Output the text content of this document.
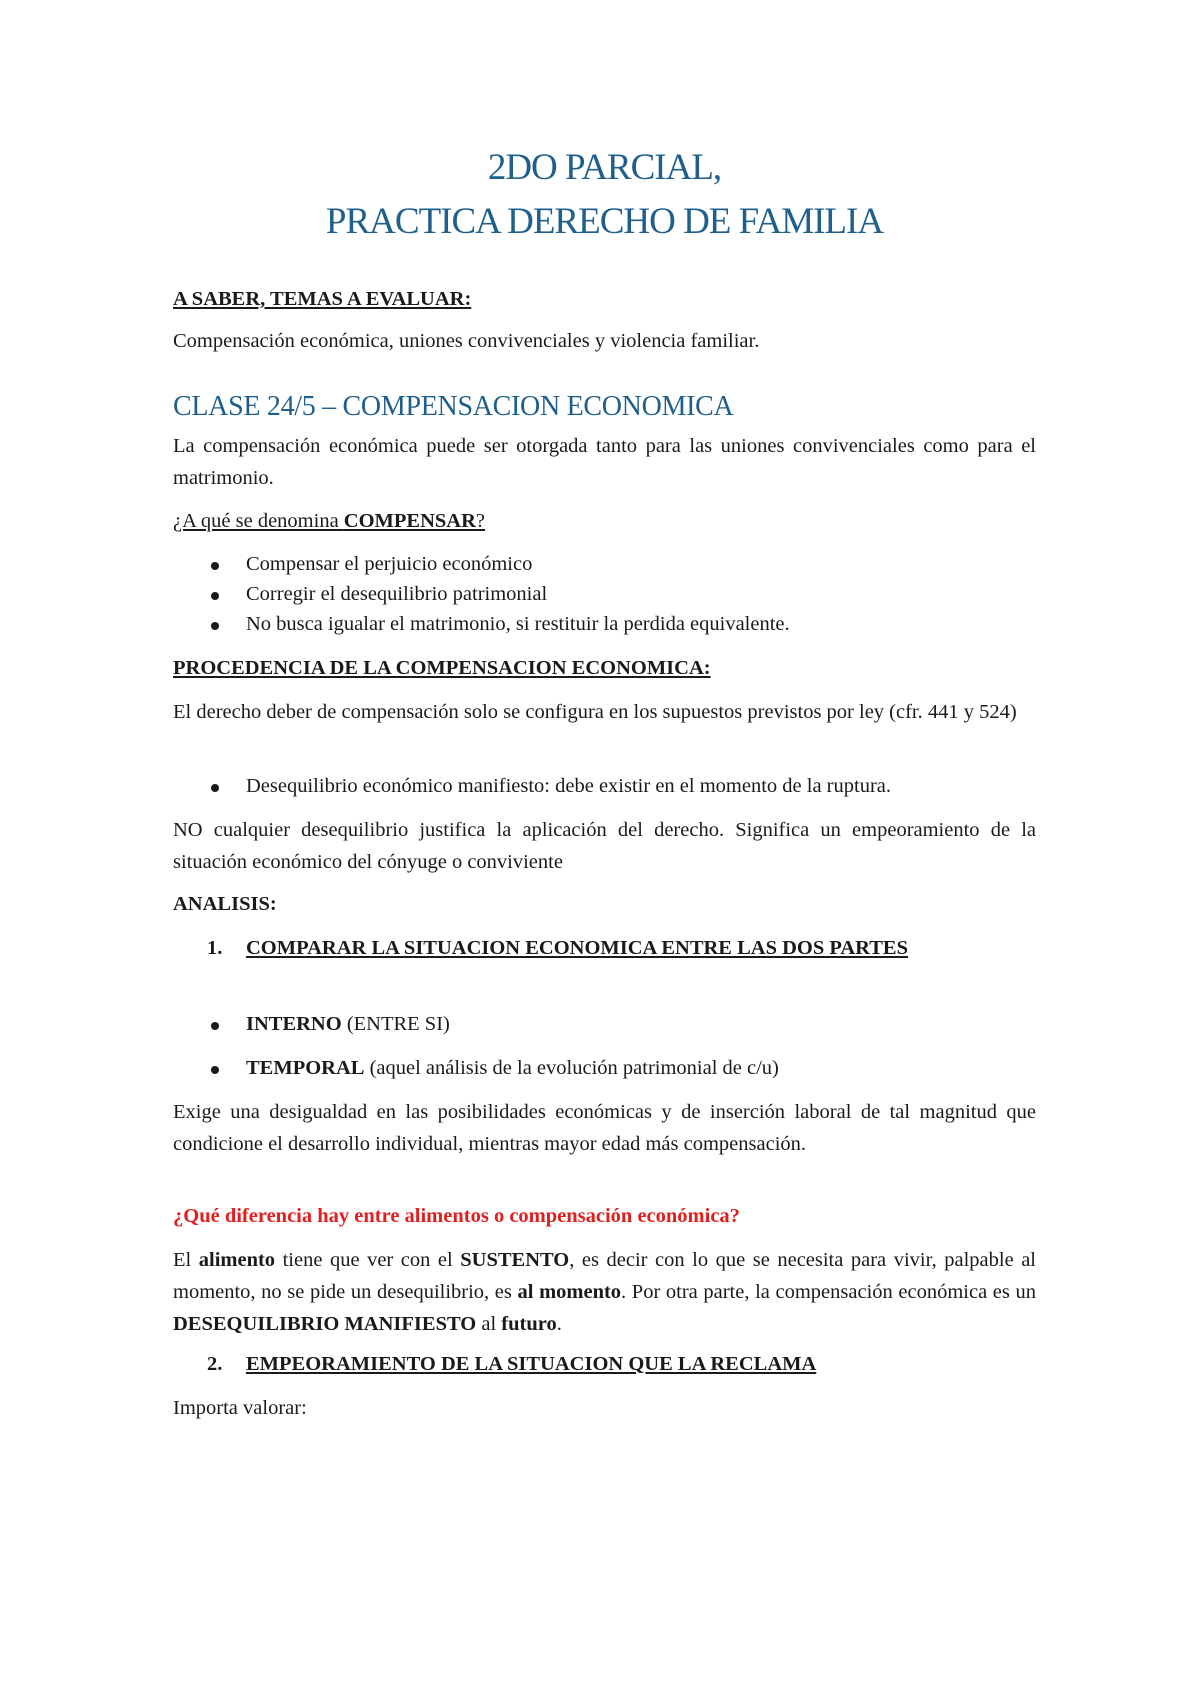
2DO PARCIAL,
PRACTICA DERECHO DE FAMILIA
A SABER, TEMAS A EVALUAR:
Compensación económica, uniones convivenciales y violencia familiar.
CLASE 24/5 – COMPENSACION ECONOMICA
La compensación económica puede ser otorgada tanto para las uniones convivenciales como para el matrimonio.
¿A qué se denomina COMPENSAR?
Compensar el perjuicio económico
Corregir el desequilibrio patrimonial
No busca igualar el matrimonio, si restituir la perdida equivalente.
PROCEDENCIA DE LA COMPENSACION ECONOMICA:
El derecho deber de compensación solo se configura en los supuestos previstos por ley (cfr. 441 y 524)
Desequilibrio económico manifiesto: debe existir en el momento de la ruptura.
NO cualquier desequilibrio justifica la aplicación del derecho. Significa un empeoramiento de la situación económico del cónyuge o conviviente
ANALISIS:
1. COMPARAR LA SITUACION ECONOMICA ENTRE LAS DOS PARTES
INTERNO (ENTRE SI)
TEMPORAL (aquel análisis de la evolución patrimonial de c/u)
Exige una desigualdad en las posibilidades económicas y de inserción laboral de tal magnitud que condicione el desarrollo individual, mientras mayor edad más compensación.
¿Qué diferencia hay entre alimentos o compensación económica?
El alimento tiene que ver con el SUSTENTO, es decir con lo que se necesita para vivir, palpable al momento, no se pide un desequilibrio, es al momento. Por otra parte, la compensación económica es un DESEQUILIBRIO MANIFIESTO al futuro.
2. EMPEORAMIENTO DE LA SITUACION QUE LA RECLAMA
Importa valorar:
